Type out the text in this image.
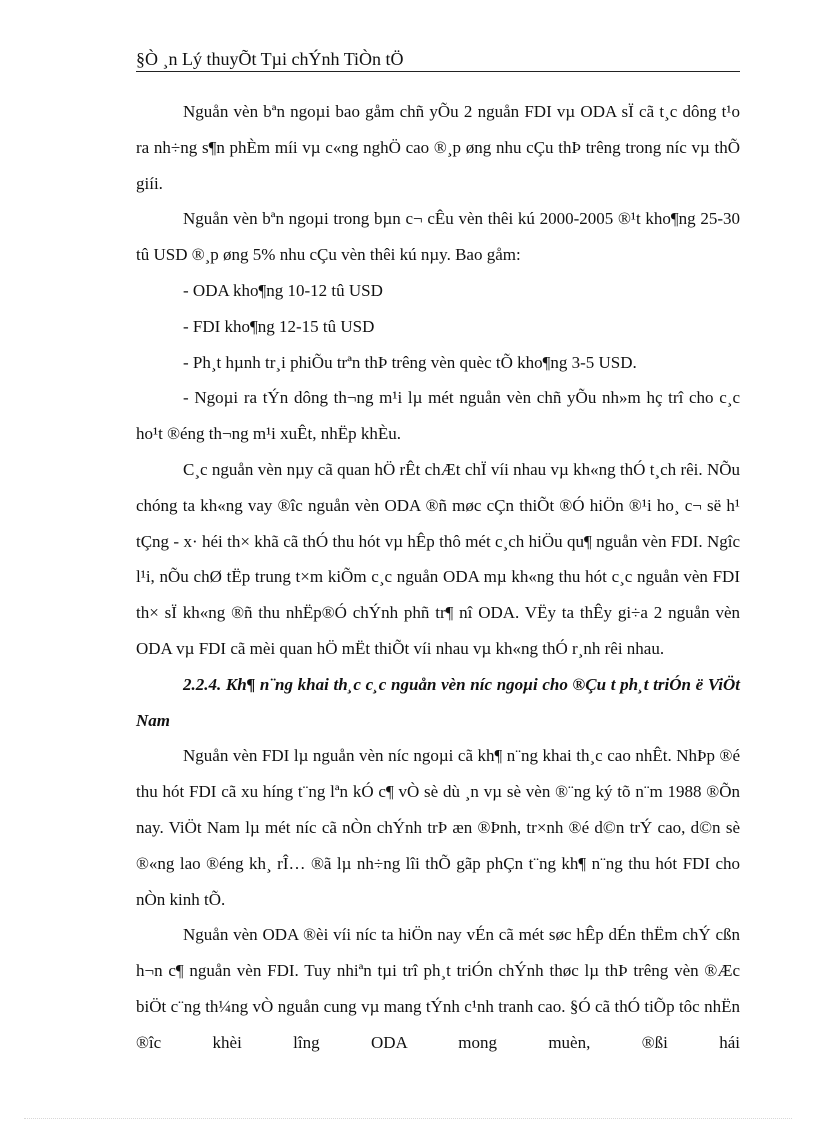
§Ò ¸n Lý thuyÕt Tµi chÝnh TiÒn tÖ

Nguån vèn bªn ngoµi bao gåm chñ yÕu 2 nguån FDI vµ ODA sÏ cã t¸c dông t¹o ra nh÷ng s¶n phÈm míi vµ c«ng nghÖ cao ®¸p øng nhu cÇu thÞ trêng trong níc vµ thÕ giíi.

Nguån vèn bªn ngoµi trong bµn c¬ cÊu vèn thêi kú 2000-2005 ®¹t kho¶ng 25-30 tû USD ®¸p øng 5% nhu cÇu vèn thêi kú nµy. Bao gåm:

- ODA kho¶ng 10-12 tû USD

- FDI kho¶ng 12-15 tû USD

- Ph¸t hµnh tr¸i phiÕu trªn thÞ trêng vèn quèc tÕ kho¶ng 3-5 USD.

- Ngoµi ra tÝn dông th¬ng m¹i lµ mét nguån vèn chñ yÕu nh»m hç trî cho c¸c ho¹t ®éng th¬ng m¹i xuÊt, nhËp khÈu.

C¸c nguån vèn nµy cã quan hÖ rÊt chÆt chÏ víi nhau vµ kh«ng thÓ t¸ch rêi. NÕu chóng ta kh«ng vay ®îc nguån vèn ODA ®ñ møc cÇn thiÕt ®Ó hiÖn ®¹i ho¸ c¬ së h¹ tÇng - x· héi th× khã cã thÓ thu hót vµ hÊp thô mét c¸ch hiÖu qu¶ nguån vèn FDI. Ngîc l¹i, nÕu chØ tËp trung t×m kiÕm c¸c nguån ODA mµ kh«ng thu hót c¸c nguån vèn FDI th× sÏ kh«ng ®ñ thu nhËp®Ó chÝnh phñ tr¶ nî ODA. VËy ta thÊy gi÷a 2 nguån vèn ODA vµ FDI cã mèi quan hÖ mËt thiÕt víi nhau vµ kh«ng thÓ r¸nh rêi nhau.

2.2.4. Kh¶ n¨ng khai th¸c c¸c nguån vèn níc ngoµi cho ®Çu t ph¸t triÓn ë ViÖt Nam

Nguån vèn FDI lµ nguån vèn níc ngoµi cã kh¶ n¨ng khai th¸c cao nhÊt. NhÞp ®é thu hót FDI cã xu híng t¨ng lªn kÓ c¶ vÒ sè dù ¸n vµ sè vèn ®¨ng ký tõ n¨m 1988 ®Õn nay. ViÖt Nam lµ mét níc cã nÒn chÝnh trÞ æn ®Þnh, tr×nh ®é d©n trÝ cao, d©n sè ®«ng lao ®éng kh¸ rÎ… ®ã lµ nh÷ng lîi thÕ gãp phÇn t¨ng kh¶ n¨ng thu hót FDI cho nÒn kinh tÕ.

Nguån vèn ODA ®èi víi níc ta hiÖn nay vÉn cã mét søc hÊp dÉn thËm chÝ cßn h¬n c¶ nguån vèn FDI. Tuy nhiªn tµi trî ph¸t triÓn chÝnh thøc lµ thÞ trêng vèn ®Æc biÖt c¨ng th¼ng vÒ nguån cung vµ mang tÝnh c¹nh tranh cao. §Ó cã thÓ tiÕp tôc nhËn ®îc khèi lîng ODA mong muèn, ®ßi hái
